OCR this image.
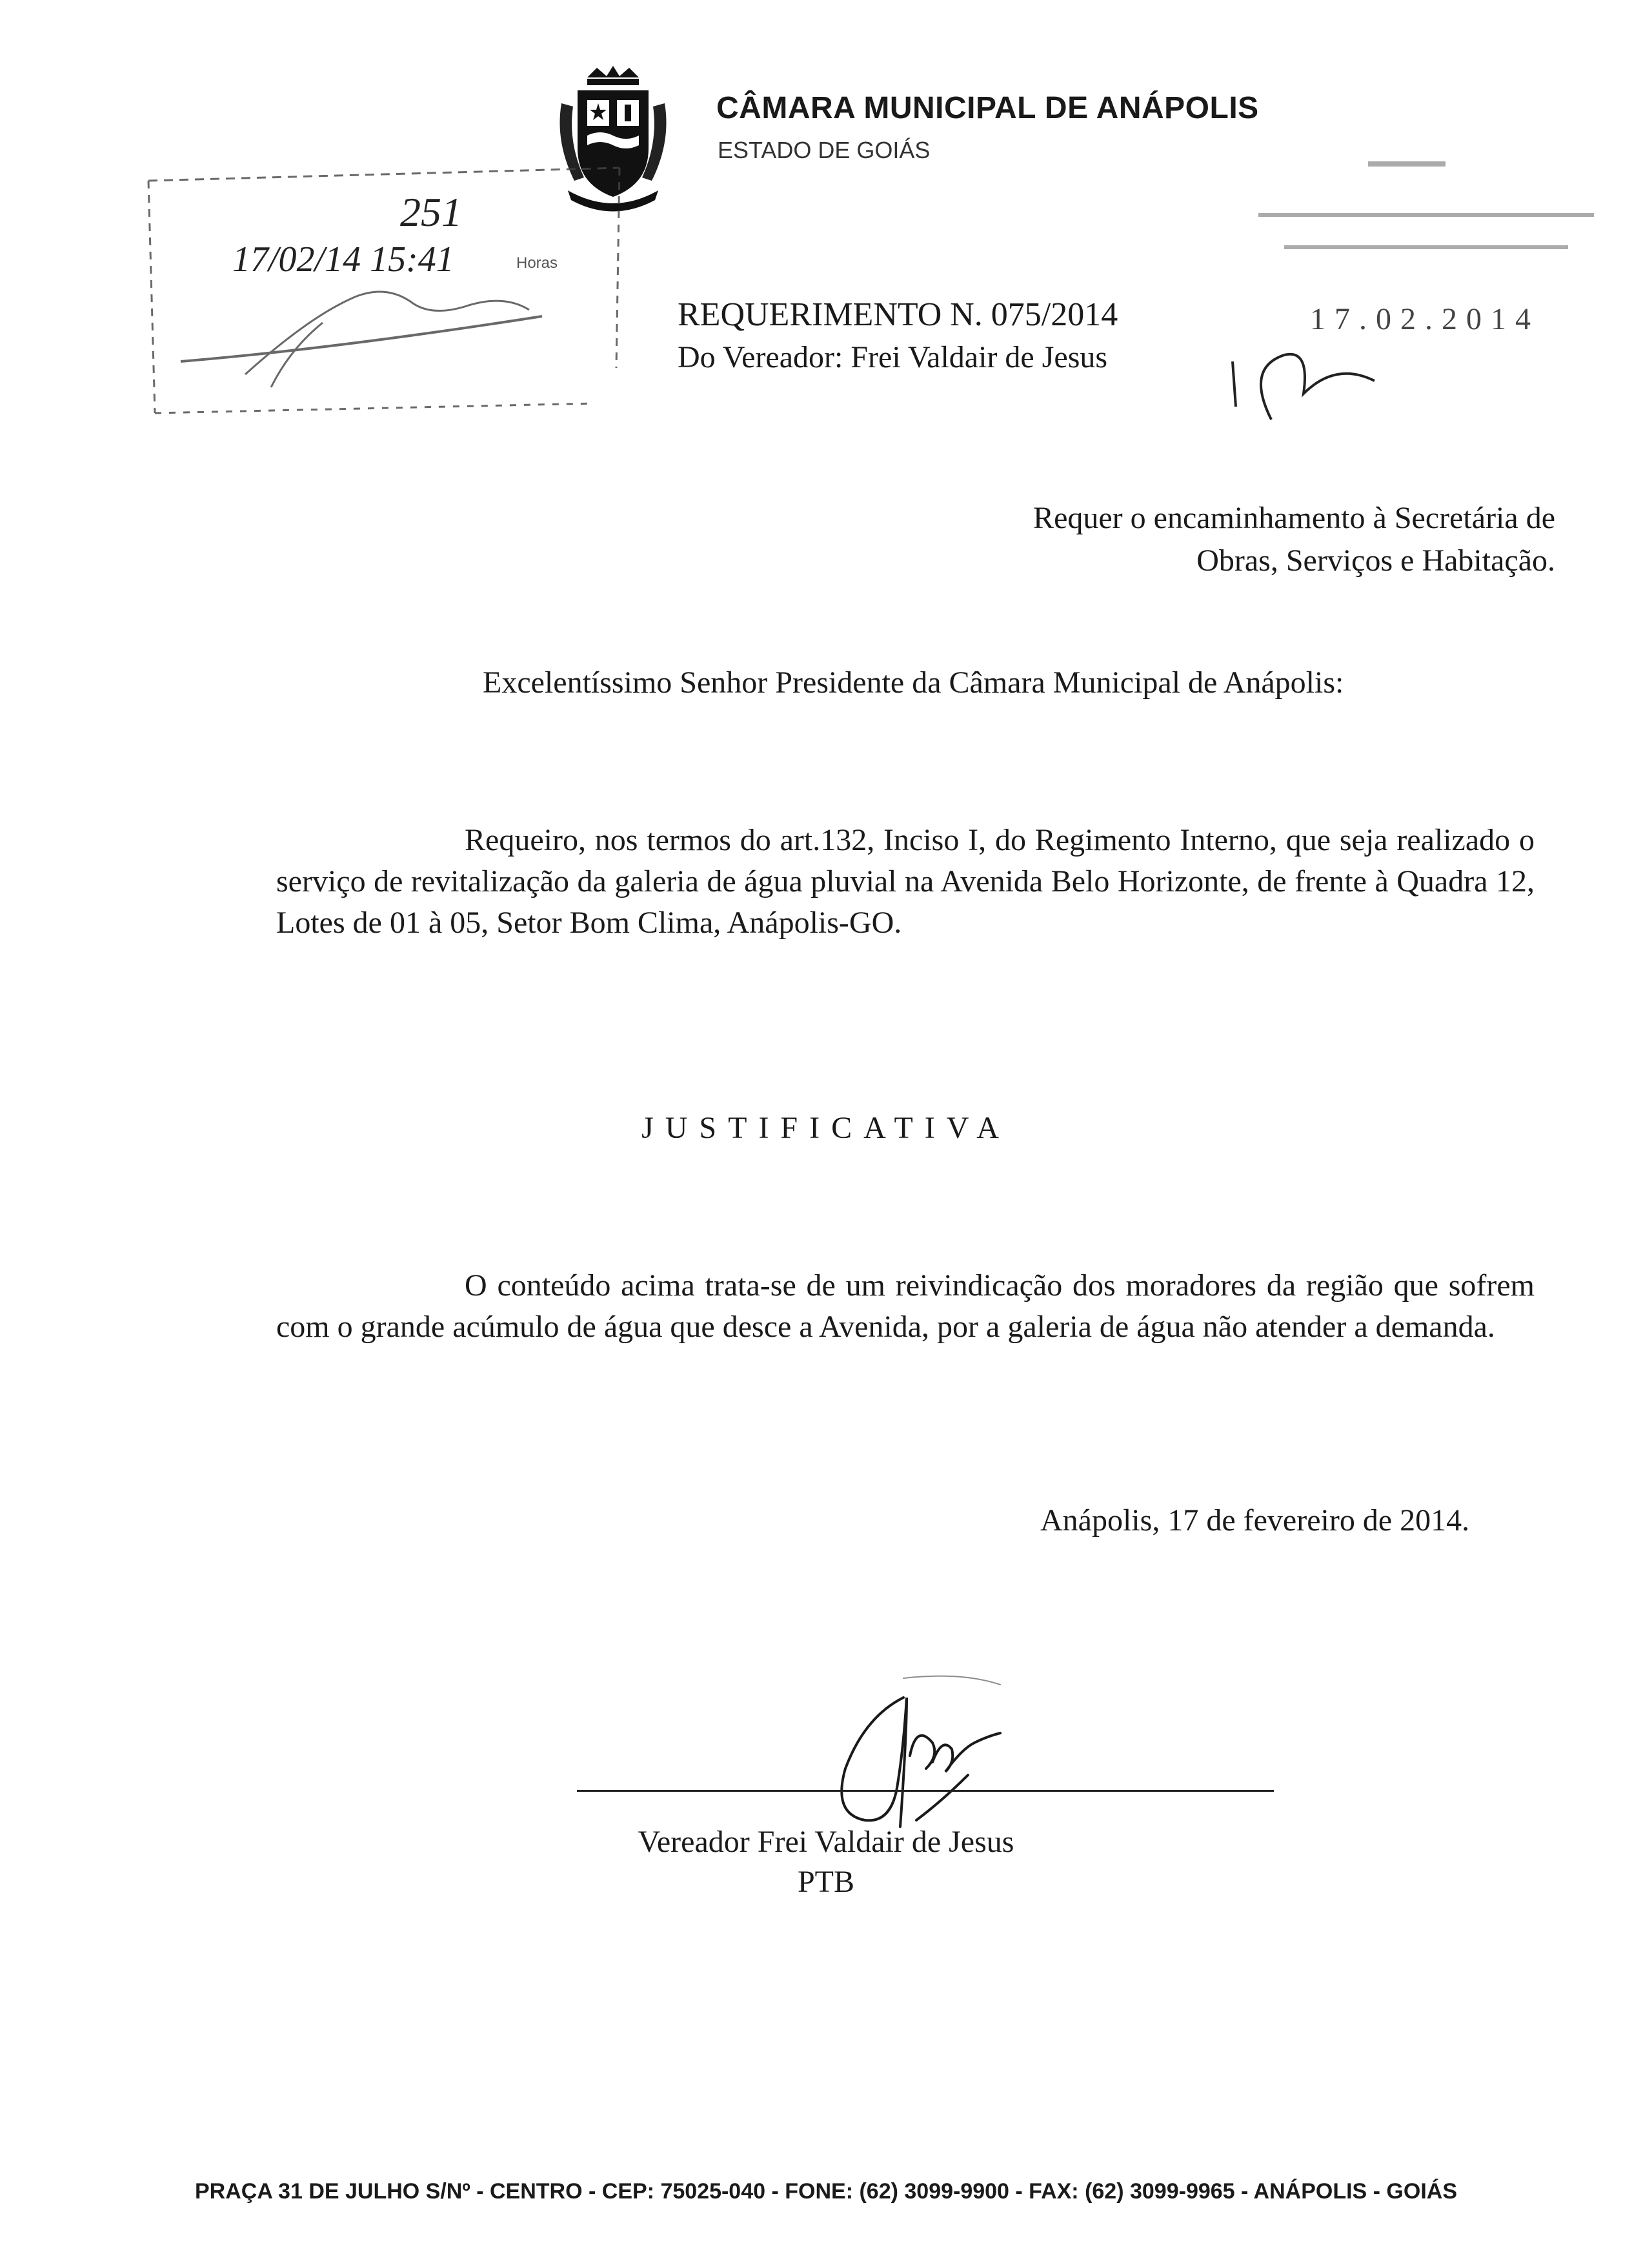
CÂMARA MUNICIPAL DE ANÁPOLIS
ESTADO DE GOIÁS
251
17/02/14 15:41	Horas
17.02.2014
REQUERIMENTO N. 075/2014
Do Vereador: Frei Valdair de Jesus
Requer o encaminhamento à Secretária de
Obras, Serviços e Habitação.
Excelentíssimo Senhor Presidente da Câmara Municipal de Anápolis:
Requeiro, nos termos do art.132, Inciso I, do Regimento Interno, que seja realizado o serviço de revitalização da galeria de água pluvial na Avenida Belo Horizonte, de frente à Quadra 12, Lotes de 01 à 05, Setor Bom Clima, Anápolis-GO.
JUSTIFICATIVA
O conteúdo acima trata-se de um reivindicação dos moradores da região que sofrem com o grande acúmulo de água que desce a Avenida, por a galeria de água não atender a demanda.
Anápolis, 17 de fevereiro de 2014.
Vereador Frei Valdair de Jesus
PTB
PRAÇA 31 DE JULHO S/Nº - CENTRO - CEP: 75025-040 - FONE: (62) 3099-9900 - FAX: (62) 3099-9965 - ANÁPOLIS - GOIÁS
